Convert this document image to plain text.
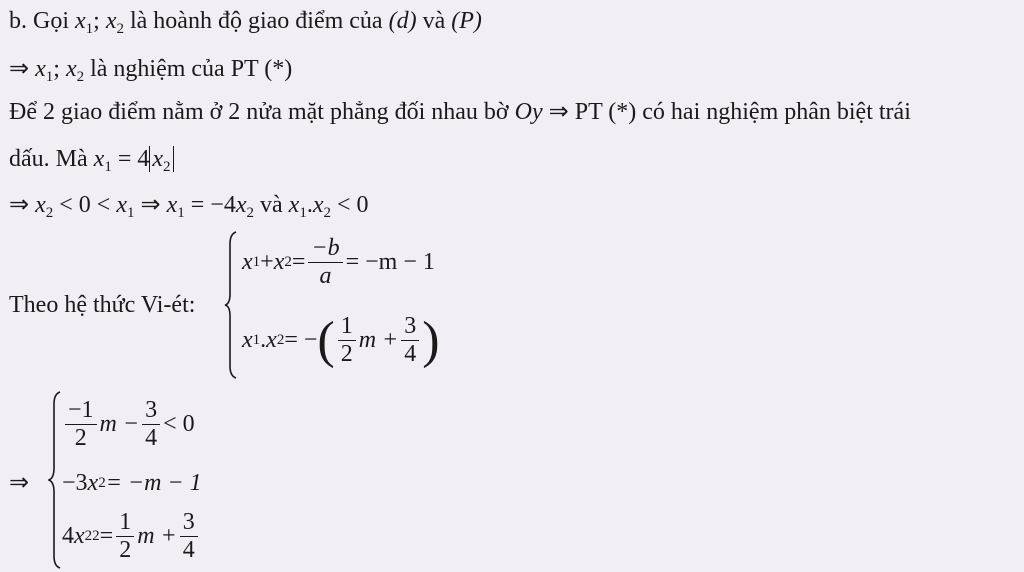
b. Gọi $x_1$; $x_2$ là hoành độ giao điểm của (d) và (P)
⇒ $x_1$; $x_2$ là nghiệm của PT (*)
Để 2 giao điểm nằm ở 2 nửa mặt phẳng đối nhau bờ Oy ⇒ PT (*) có hai nghiệm phân biệt trái
dấu. Mà $x_1 = 4$ $x_2$
⇒ $x_2 < 0 < x_1$ ⇒ $x_1 = -4x_2$ và $x_1.x_2 < 0$
Theo hệ thức Vi-ét:
x 1 + x $2 = \frac{-b}{a} = -m - 1$
x 1 . x 2 = − ( $\frac{1}{2}$ $m + \frac{3}{4}$ )
⇒
$\frac{-1}{2}$ $m - \frac{3}{4} < 0$
−3 x 2 = −m − 1
4 x 2 $2 = \frac{1}{2}$ $m + \frac{3}{4}$
